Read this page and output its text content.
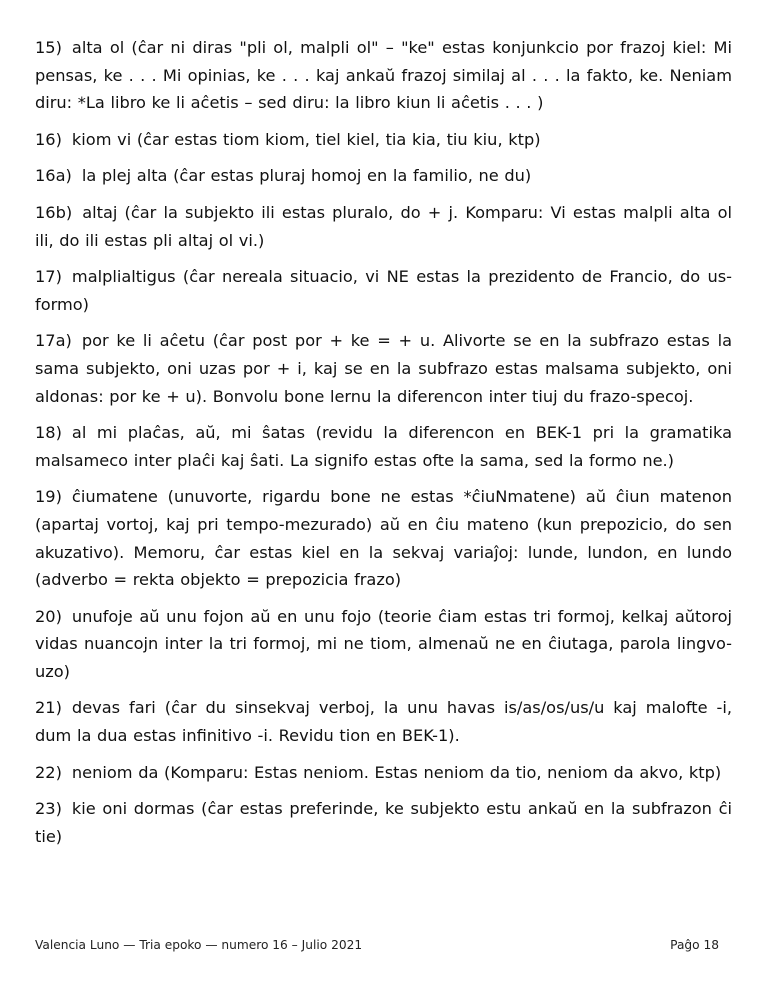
15) alta ol (ĉar ni diras "pli ol, malpli ol" – "ke" estas konjunkcio por frazoj kiel: Mi pensas, ke . . . Mi opinias, ke . . . kaj ankaŭ frazoj similaj al . . . la fakto, ke. Neniam diru: *La libro ke li aĉetis – sed diru: la libro kiun li aĉetis . . . )

16) kiom vi (ĉar estas tiom kiom, tiel kiel, tia kia, tiu kiu, ktp)

16a) la plej alta (ĉar estas pluraj homoj en la familio, ne du)

16b) altaj (ĉar la subjekto ili estas pluralo, do + j. Komparu: Vi estas malpli alta ol ili, do ili estas pli altaj ol vi.)

17) malplialtigus (ĉar nereala situacio, vi NE estas la prezidento de Francio, do us-formo)

17a) por ke li aĉetu (ĉar post por + ke = + u. Alivorte se en la subfrazo estas la sama subjekto, oni uzas por + i, kaj se en la subfrazo estas malsama subjekto, oni aldonas: por ke + u). Bonvolu bone lernu la diferencon inter tiuj du frazo-specoj.

18) al mi plaĉas, aŭ, mi ŝatas (revidu la diferencon en BEK-1 pri la gramatika malsameco inter plaĉi kaj ŝati. La signifo estas ofte la sama, sed la formo ne.)

19) ĉiumatene (unuvorte, rigardu bone ne estas *ĉiuNmatene) aŭ ĉiun matenon (apartaj vortoj, kaj pri tempo-mezurado) aŭ en ĉiu mateno (kun prepozicio, do sen akuzativo). Memoru, ĉar estas kiel en la sekvaj variaĵoj: lunde, lundon, en lundo (adverbo = rekta objekto = prepozicia frazo)

20) unufoje aŭ unu fojon aŭ en unu fojo (teorie ĉiam estas tri formoj, kelkaj aŭtoroj vidas nuancojn inter la tri formoj, mi ne tiom, almenaŭ ne en ĉiutaga, parola lingvo-uzo)

21) devas fari (ĉar du sinsekvaj verboj, la unu havas is/as/os/us/u kaj malofte -i, dum la dua estas infinitivo -i. Revidu tion en BEK-1).

22) neniom da (Komparu: Estas neniom. Estas neniom da tio, neniom da akvo, ktp)

23) kie oni dormas (ĉar estas preferinde, ke subjekto estu ankaŭ en la subfrazon ĉi tie)

Valencia Luno — Tria epoko — numero 16 – Julio 2021	Paĝo 18
